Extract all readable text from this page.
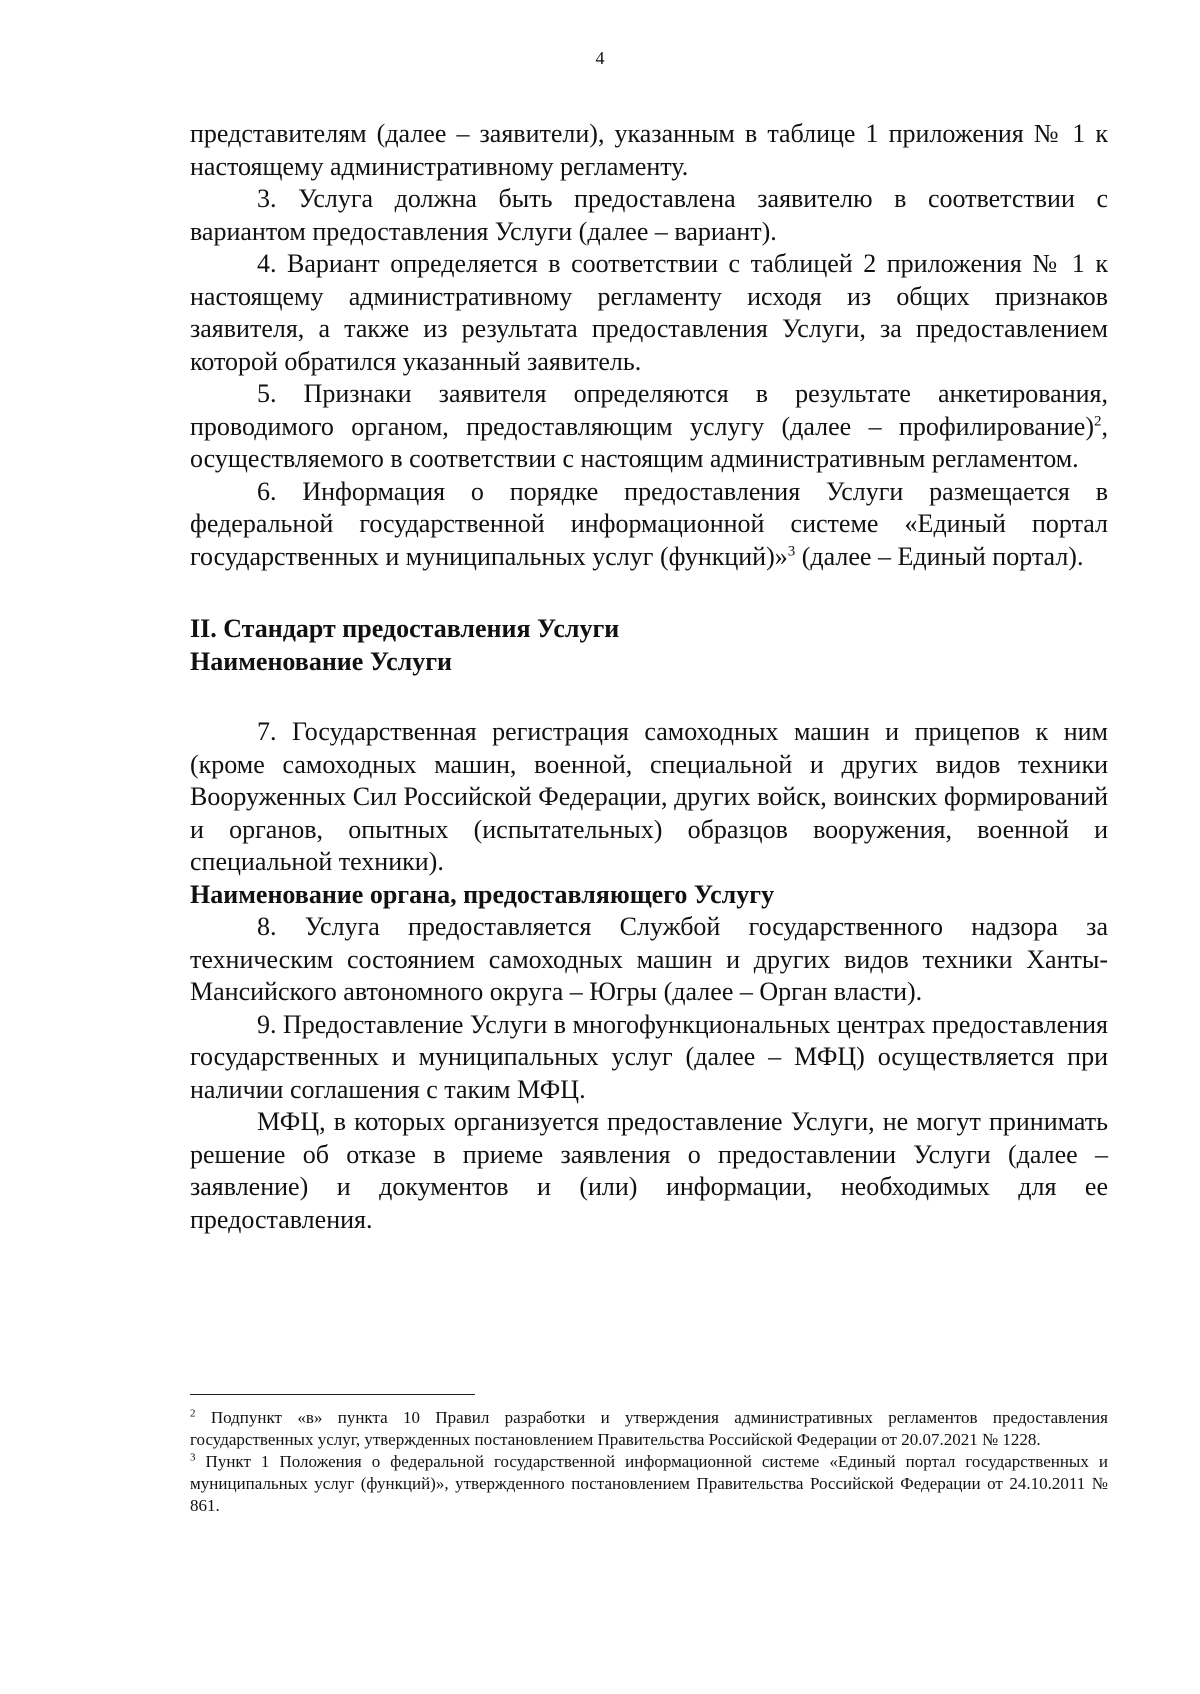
4

представителям (далее – заявители), указанным в таблице 1 приложения № 1 к настоящему административному регламенту.

3. Услуга должна быть предоставлена заявителю в соответствии с вариантом предоставления Услуги (далее – вариант).

4. Вариант определяется в соответствии с таблицей 2 приложения № 1 к настоящему административному регламенту исходя из общих признаков заявителя, а также из результата предоставления Услуги, за предоставлением которой обратился указанный заявитель.

5. Признаки заявителя определяются в результате анкетирования, проводимого органом, предоставляющим услугу (далее – профилирование)$^2$, осуществляемого в соответствии с настоящим административным регламентом.

6. Информация о порядке предоставления Услуги размещается в федеральной государственной информационной системе «Единый портал государственных и муниципальных услуг (функций)»$^3$ (далее – Единый портал).

II. Стандарт предоставления Услуги

Наименование Услуги

7. Государственная регистрация самоходных машин и прицепов к ним (кроме самоходных машин, военной, специальной и других видов техники Вооруженных Сил Российской Федерации, других войск, воинских формирований и органов, опытных (испытательных) образцов вооружения, военной и специальной техники).

Наименование органа, предоставляющего Услугу

8. Услуга предоставляется Службой государственного надзора за техническим состоянием самоходных машин и других видов техники Ханты-Мансийского автономного округа – Югры (далее – Орган власти).

9. Предоставление Услуги в многофункциональных центрах предоставления государственных и муниципальных услуг (далее – МФЦ) осуществляется при наличии соглашения с таким МФЦ.

МФЦ, в которых организуется предоставление Услуги, не могут принимать решение об отказе в приеме заявления о предоставлении Услуги (далее – заявление) и документов и (или) информации, необходимых для ее предоставления.

$^2$ Подпункт «в» пункта 10 Правил разработки и утверждения административных регламентов предоставления государственных услуг, утвержденных постановлением Правительства Российской Федерации от 20.07.2021 № 1228.

$^3$ Пункт 1 Положения о федеральной государственной информационной системе «Единый портал государственных и муниципальных услуг (функций)», утвержденного постановлением Правительства Российской Федерации от 24.10.2011 № 861.
